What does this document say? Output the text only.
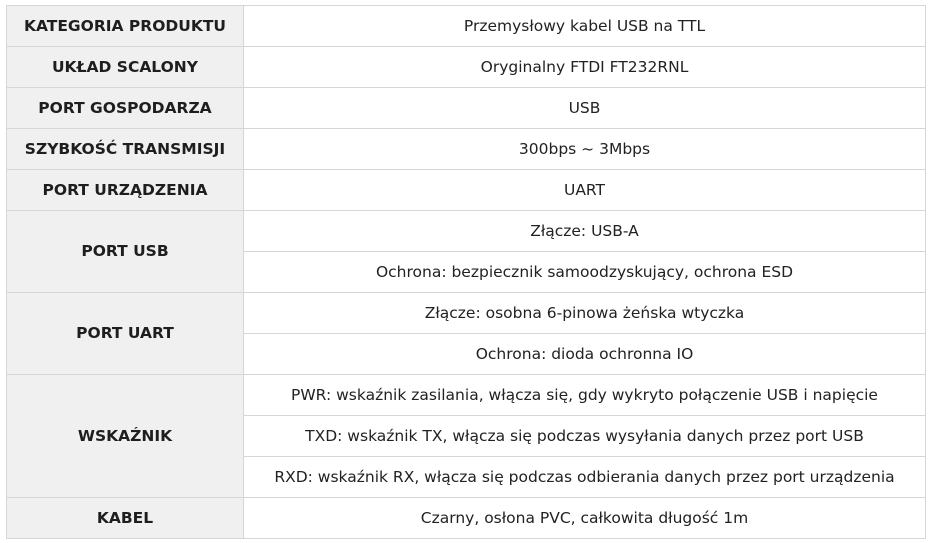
KATEGORIA PRODUKTU	Przemysłowy kabel USB na TTL
UKŁAD SCALONY	Oryginalny FTDI FT232RNL
PORT GOSPODARZA	USB
SZYBKOŚĆ TRANSMISJI	300bps ~ 3Mbps
PORT URZĄDZENIA	UART
PORT USB	Złącze: USB-A
	Ochrona: bezpiecznik samoodzyskujący, ochrona ESD
PORT UART	Złącze: osobna 6-pinowa żeńska wtyczka
	Ochrona: dioda ochronna IO
WSKAŹNIK	PWR: wskaźnik zasilania, włącza się, gdy wykryto połączenie USB i napięcie
	TXD: wskaźnik TX, włącza się podczas wysyłania danych przez port USB
	RXD: wskaźnik RX, włącza się podczas odbierania danych przez port urządzenia
KABEL	Czarny, osłona PVC, całkowita długość 1m
